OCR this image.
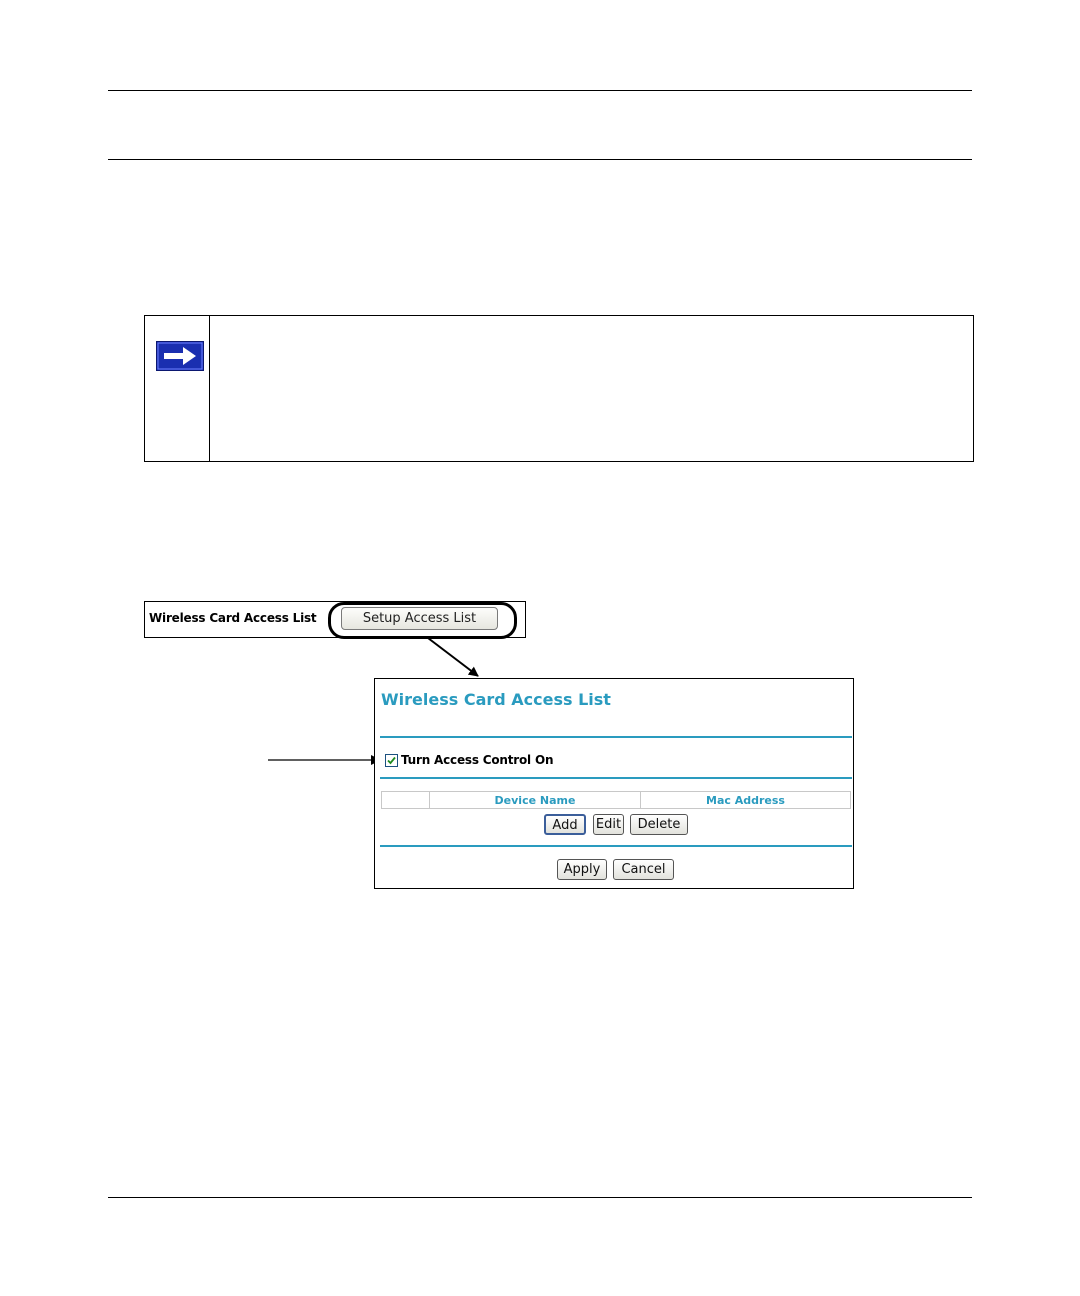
Wireless Card Access List	Setup Access List
Wireless Card Access List
Turn Access Control On
	Device Name	Mac Address
Add	Edit	Delete
Apply	Cancel
